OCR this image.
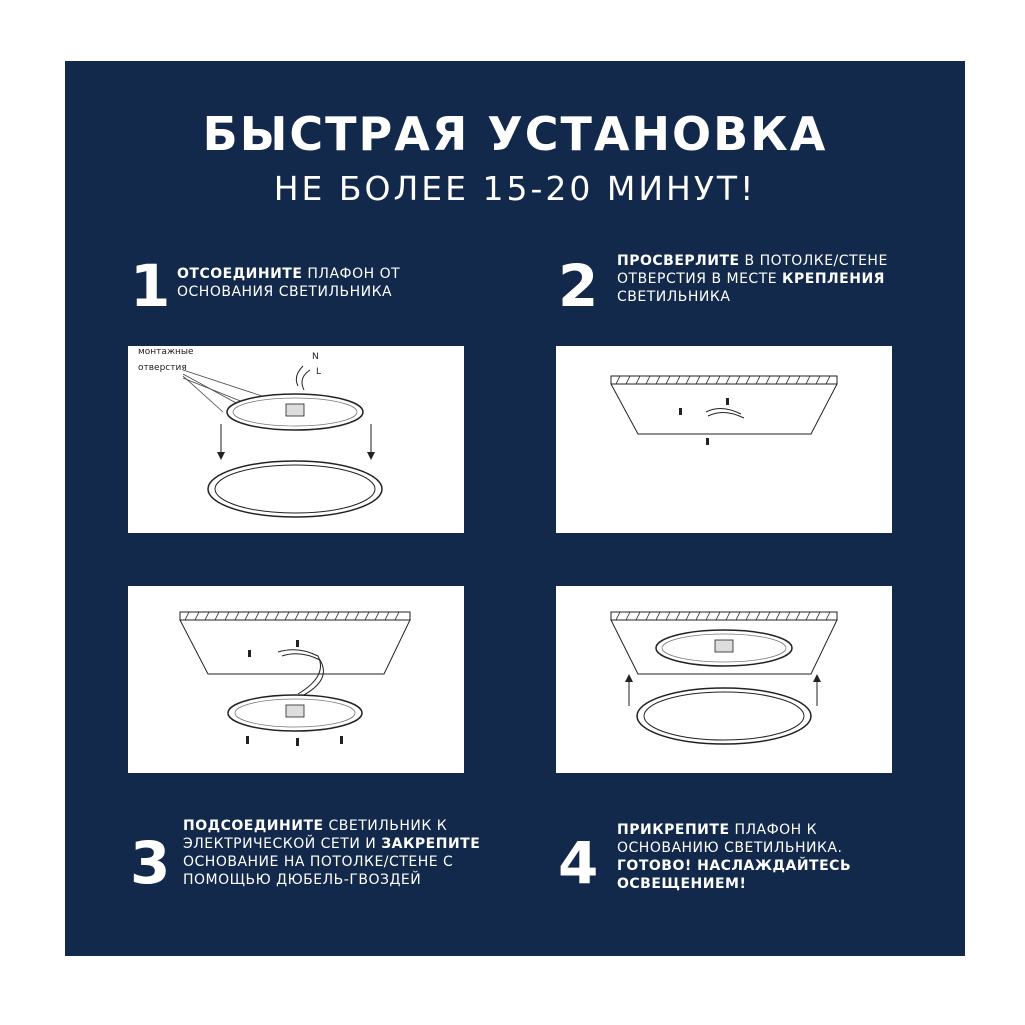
БЫСТРАЯ УСТАНОВКА
НЕ БОЛЕЕ 15-20 МИНУТ!
1 ОТСОЕДИНИТЕ ПЛАФОН ОТ ОСНОВАНИЯ СВЕТИЛЬНИКА	2 ПРОСВЕРЛИТЕ В ПОТОЛКЕ/СТЕНЕ ОТВЕРСТИЯ В МЕСТЕ КРЕПЛЕНИЯ СВЕТИЛЬНИКА
монтажные
отверстия
N
L
3
ПОДСОЕДИНИТЕ СВЕТИЛЬНИК К ЭЛЕКТРИЧЕСКОЙ СЕТИ И ЗАКРЕПИТЕ ОСНОВАНИЕ НА ПОТОЛКЕ/СТЕНЕ С ПОМОЩЬЮ ДЮБЕЛЬ-ГВОЗДЕЙ	4 ПРИКРЕПИТЕ ПЛАФОН К ОСНОВАНИЮ СВЕТИЛЬНИКА. ГОТОВО! НАСЛАЖДАЙТЕСЬ ОСВЕЩЕНИЕМ!
